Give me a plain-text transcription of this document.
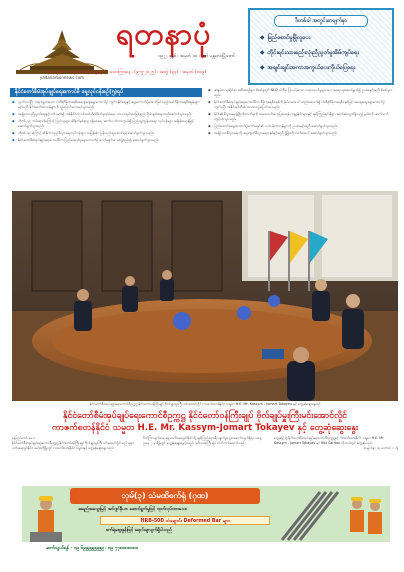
yadanarbonnews.com
ရတနာပုံ
၁၉၂၂ ခုနှစ် ၊ အမှတ် ၁၀ ၊ ဂုဏ် မန္တလေးမြို့တော်
၁၃၈၇ ခုနှစ် ၊ ကဆုန်လဆန်း(၁၂)ရက် ၊ သောကြာနေ့ ၊ (၉-၅-၂၀၂၅) ၊ အတွဲ (၃၄) ၊ အမှတ် (၁၀၉)
ဒီတစ်ခါ အတွင်းစာမျက်နှာ
◆ မြည်စောင်မှုမြိုလူပေး
◆ တိုင်းရင်းသားစည်းလုံးညီညွတ်မှုအိမ်ကျပ်ရေး
◆ အချင်းချင်းအကာအကွယ်ပေးကိုယ်ပြေရေး
နိုင်ငံတော်စီမံအုပ်ချုပ်ရေးကောင်စီ ရှေ့လုပ်ငန်းစဉ်(၅)ရပ်
◆ လွတ်လပ်ပြီး တရားမျှတသော ပါတီစုံဒီမိုကရေစီအထွေထွေရွေးကောက်ပွဲ ကျင်းပနိုင်ရေးနှင့် ရွေးကောက်ပွဲအောင်မြင်သည့်အခါ ဒီမိုကရေစီစံနှုန်းများနှင့်အညီ နိုင်ငံတော်တာဝန်များကို လွှဲပြောင်းပေးအပ်သွားမည်။
◆ အမျိုးသားညီညွတ်ရေးနှင့်ပတ်သက်၍ တစ်နိုင်ငံလုံးပစ်ခတ်တိုက်ခိုက်မှုရပ်စဲရေး ဘာသာရပ်အခြေခံနည်း ငြိမ်းချမ်းရေးတည်ဆောက်သွားမည်။
◆ ကိုဗစ်-၁၉ ကပ်ရောဂါကြောင့် ပြည်သူများ ထိခိုက်နစ်နာမှု မရှိစေရေး ဆက်လက်ကာကွယ်၍ ပြည်သူ့ကျန်းမာရေး လုပ်ငန်းများ အရှိန်အဟုန်မြှင့်ဆောင်ရွက်သွားမည်။
◆ ကိုဗစ်-၁၉ ကြောင့် ထိခိုက်သည့် စီးပွားရေးလုပ်ငန်းများ အမြန်ဆုံး ပြန်လည်ထူထောင်ရန် ဆောင်ရွက်သွားမည်။
◆ နိုင်ငံတော်စီမံအုပ်ချုပ်ရေးကောင်စီက ပြည်ထောင်စုရွေးကောက်ပွဲ ကော်မရှင်အသစ်ဖွဲ့စည်း၍ ဆောင်ရွက်သွားမည်။
◆ ဆန္ဒမဲပေးမှုဆိုင်ရာ အစီအစဉ်များ စိစစ်မှုတွင် NLD ပါတီမှ ပြုလုပ်ခဲ့သော တရားမဝင်မှုများအား အရေးယူဆောင်ရွက်၍ ဥပဒေနှင့်အညီ စိစစ်သွားမည်။
◆ နိုင်ငံတော်စီမံအုပ်ချုပ်ရေးကောင်စီက ဒီမိုကရေစီစနစ်ကို ခိုင်မာအောင် တည်ဆောက်၍ ပါတီစုံဒီမိုကရေစီစနစ်ဖြင့် အထွေထွေရွေးကောက်ပွဲ ကျင်းပပြီး အနိုင်ရပါတီထံ အာဏာလွှဲပြောင်းပေးမည်။
◆ နိုင်ငံ၏ စီးပွားရေးဖွံ့ဖြိုးတိုးတက်မှုကို အထောက်အကူပြုစေရန် ကမ္ဘာ့နိုင်ငံများနှင့် ချစ်ကြည်ရင်းနှီးစွာ ဆက်ဆံလျက်ရှိသည့် မူဝါဒကို ဆက်လက်ကျင့်သုံးသွားမည်။
◆ ပြည်ထောင်စုရွေးကောက်ပွဲကော်မရှင်၏ လုပ်ငန်းတာဝန်များကို ဥပဒေနှင့်အညီ ဆောင်ရွက်သွားမည်။
◆ အမျိုးသားစီးပွားရေးကို ဈေးကွက်စီးပွားရေးစနစ်နှင့်အညီ ဖွံ့ဖြိုးတိုးတက်အောင် ဆောင်ရွက်သွားမည်။
နိုင်ငံတော်စီမံအုပ်ချုပ်ရေးကောင်စီဥက္ကဋ္ဌ နိုင်ငံတော်ဝန်ကြီးချုပ် ဗိုလ်ချုပ်မှူးကြီး မင်းအောင်လှိုင် ကာဇက်စတန်နိုင်ငံ သမ္မတ H.E. Mr. Kassym - Jomart Tokayev နှင့် တွေ့ဆုံဆွေးနွေးစဉ်
နိုင်ငံတော်စီမံအုပ်ချုပ်ရေးကောင်စီဥက္ကဋ္ဌ နိုင်ငံတော်ဝန်ကြီးချုပ် ဗိုလ်ချုပ်မှူးကြီးမင်းအောင်လှိုင်
ကာဇက်စတန်နိုင်ငံ သမ္မတ H.E. Mr. Kassym-Jomart Tokayev နှင့် တွေ့ဆုံဆွေးနွေး
နေပြည်တော် မေ ၈
နိုင်ငံတော်စီမံအုပ်ချုပ်ရေးကောင်စီဥက္ကဋ္ဌ နိုင်ငံတော်ဝန်ကြီးချုပ် ဗိုလ်ချုပ်မှူးကြီး မင်းအောင်လှိုင်သည် ရုရှားဖက်ဒရေးရှင်းနိုင်ငံ မော်စကိုမြို့တွင် ကာဇက်စတန်နိုင်ငံသမ္မတနှင့် တွေ့ဆုံဆွေးနွေးသည်။
ဖိတ်ကြားချက်အရ ရုရှားဖက်ဒရေးရှင်းနိုင်ငံသို့ ချစ်ကြည်ရေးခရီး ထွက်ခွာသွားရောက်လျက်ရှိရာ ယနေ့ညနေ ၇ နာရီခွဲတွင် တွေ့ဆုံဆွေးနွေးခဲ့သည်။ ဒုတိယဝန်ကြီးချုပ် ပါဝင်တက်ရောက်သည်။
တွေ့ဆုံပွဲသို့ နိုင်ငံတော်စီမံအုပ်ချုပ်ရေးကောင်စီဥက္ကဋ္ဌနှင့် ကာဇက်စတန်နိုင်ငံ သမ္မတ H.E. Mr. Kassym - Jomart Tokayev နှင့် Ritz Carlton ဟိုတယ်တွင် တွေ့ဆုံသည်။
စာမျက်နှာ ၁၈ ကော်လံ ၁ သို့
ဘုမ်(၃) သံမဏိစက်ရုံ (ဂုဏ)
အရည်အသွေးမြင့် အင်ဂျင်နီယာ ဆောင်ရွက်မှုဖြင့် ထုတ်လုပ်ထားသော
HRB-500 သံချောင်း Deformed Bar များ
စက်ရုံဈေးနှုန်းဖြင့် ရောင်းချလျက်ရှိပါသည်
ဆက်သွယ်ရန် - ၀၉ ၆၉၉၉၉၉၉၉၉ ၊ ၀၉ ၇၇၈၈၈၈၈၈၈
